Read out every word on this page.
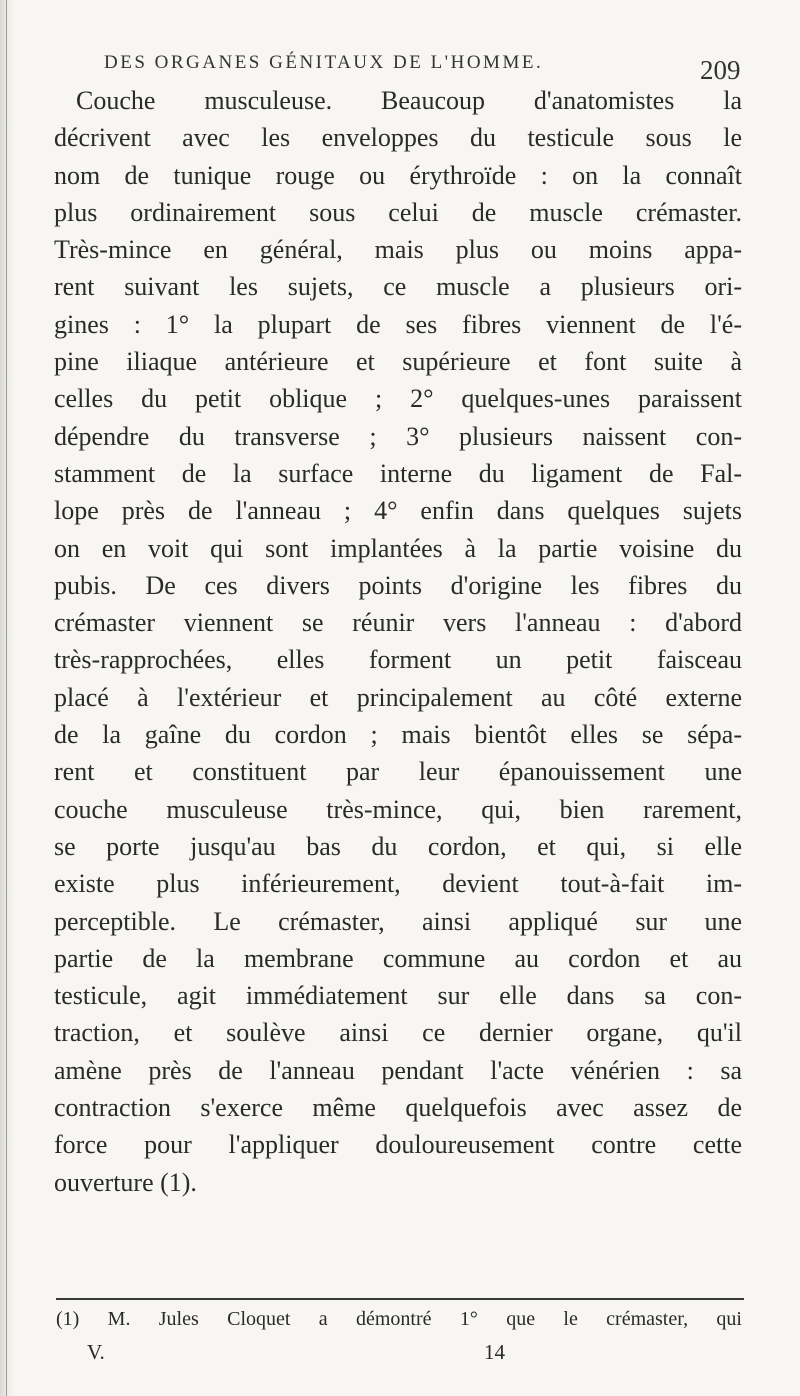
DES ORGANES GÉNITAUX DE L'HOMME.	209
Couche musculeuse. Beaucoup d'anatomistes la
décrivent avec les enveloppes du testicule sous le
nom de tunique rouge ou érythroïde : on la connaît
plus ordinairement sous celui de muscle crémaster.
Très-mince en général, mais plus ou moins appa-
rent suivant les sujets, ce muscle a plusieurs ori-
gines : 1° la plupart de ses fibres viennent de l'é-
pine iliaque antérieure et supérieure et font suite à
celles du petit oblique ; 2° quelques-unes paraissent
dépendre du transverse ; 3° plusieurs naissent con-
stamment de la surface interne du ligament de Fal-
lope près de l'anneau ; 4° enfin dans quelques sujets
on en voit qui sont implantées à la partie voisine du
pubis. De ces divers points d'origine les fibres du
crémaster viennent se réunir vers l'anneau : d'abord
très-rapprochées, elles forment un petit faisceau
placé à l'extérieur et principalement au côté externe
de la gaîne du cordon ; mais bientôt elles se sépa-
rent et constituent par leur épanouissement une
couche musculeuse très-mince, qui, bien rarement,
se porte jusqu'au bas du cordon, et qui, si elle
existe plus inférieurement, devient tout-à-fait im-
perceptible. Le crémaster, ainsi appliqué sur une
partie de la membrane commune au cordon et au
testicule, agit immédiatement sur elle dans sa con-
traction, et soulève ainsi ce dernier organe, qu'il
amène près de l'anneau pendant l'acte vénérien : sa
contraction s'exerce même quelquefois avec assez de
force pour l'appliquer douloureusement contre cette
ouverture (1).
(1) M. Jules Cloquet a démontré 1° que le crémaster, qui
V.	14
